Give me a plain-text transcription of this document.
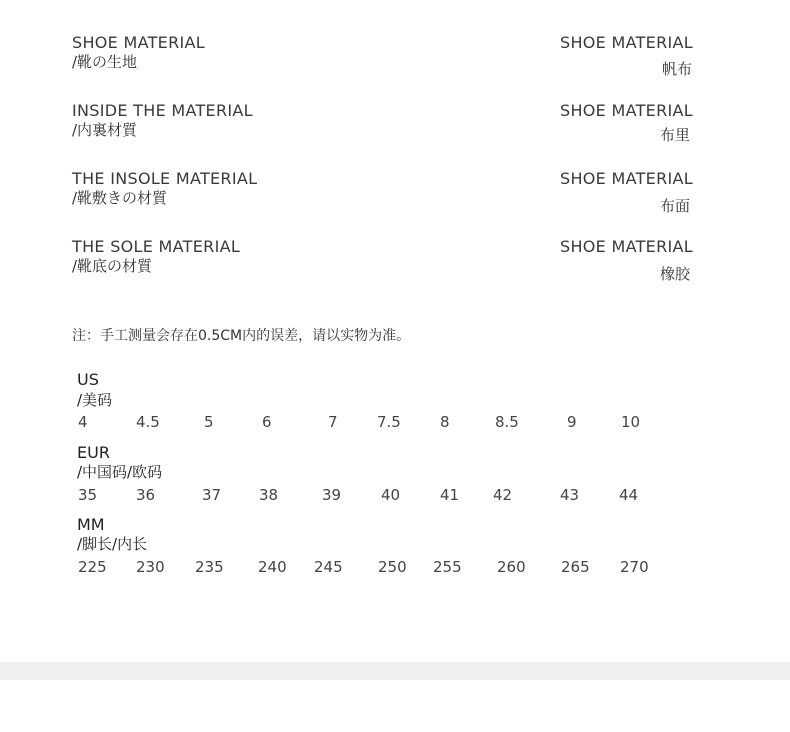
SHOE MATERIAL
/靴の生地
SHOE MATERIAL
帆布
INSIDE THE MATERIAL
/内裏材質
SHOE MATERIAL
布里
THE INSOLE MATERIAL
/靴敷きの材質
SHOE MATERIAL
布面
THE SOLE MATERIAL
/靴底の材質
SHOE MATERIAL
橡胶
注：手工测量会存在0.5CM内的误差，请以实物为准。
US
/美码
4	4.5	5	6	7	7.5	8	8.5	9	10
EUR
/中国码/欧码
35	36	37	38	39	40	41 42	43	44
MM
/脚长/内长
225 230 235 240 245 250 255 260 265 270
